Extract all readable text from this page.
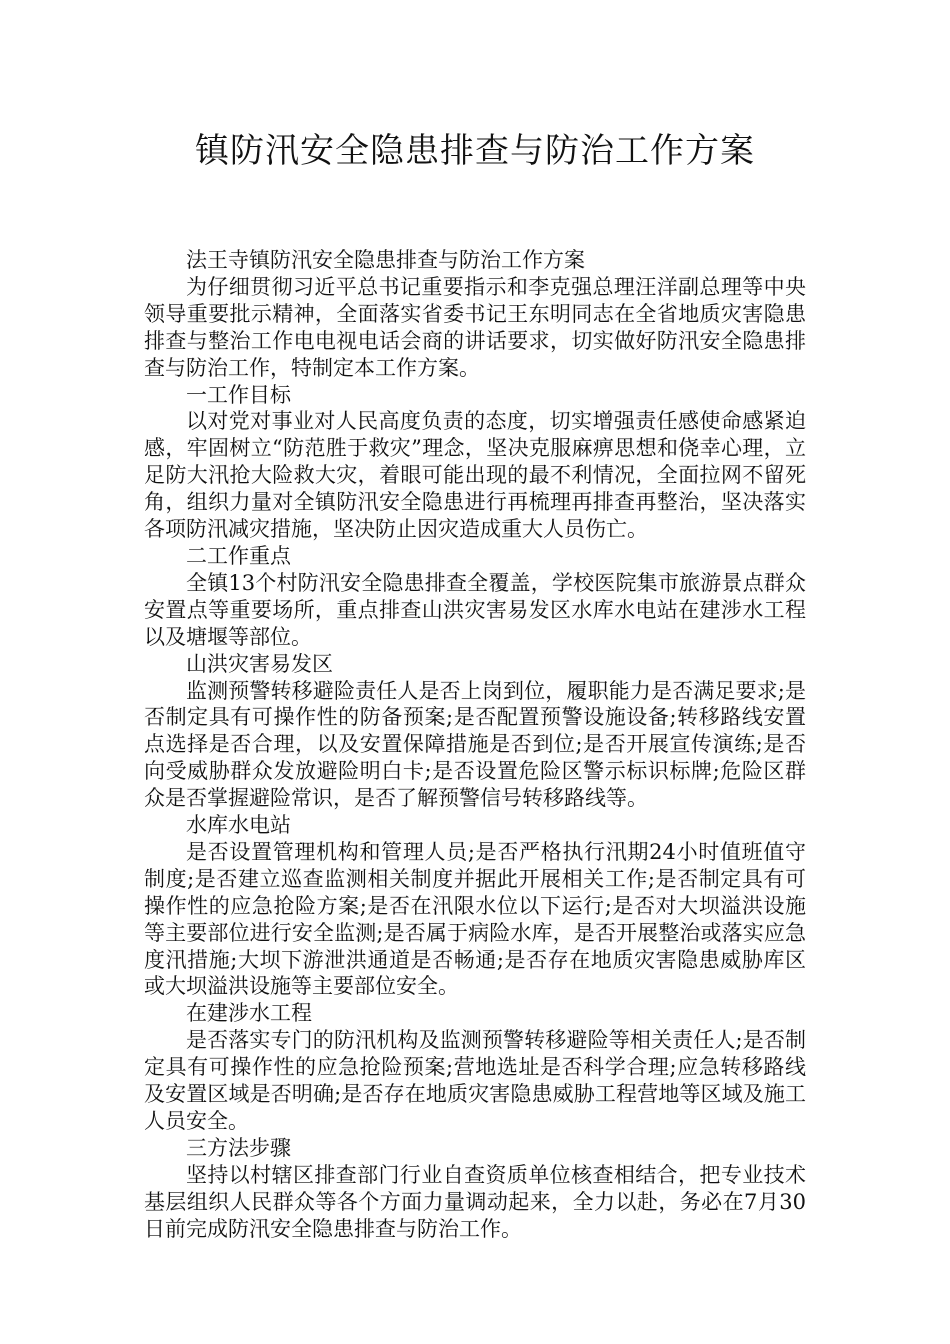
镇防汛安全隐患排查与防治工作方案

法王寺镇防汛安全隐患排查与防治工作方案

为仔细贯彻习近平总书记重要指示和李克强总理汪洋副总理等中央领导重要批示精神，全面落实省委书记王东明同志在全省地质灾害隐患排查与整治工作电电视电话会商的讲话要求，切实做好防汛安全隐患排查与防治工作，特制定本工作方案。

一工作目标

以对党对事业对人民高度负责的态度，切实增强责任感使命感紧迫感，牢固树立“防范胜于救灾”理念，坚决克服麻痹思想和侥幸心理，立足防大汛抢大险救大灾，着眼可能出现的最不利情况，全面拉网不留死角，组织力量对全镇防汛安全隐患进行再梳理再排查再整治，坚决落实各项防汛减灾措施，坚决防止因灾造成重大人员伤亡。

二工作重点

全镇13个村防汛安全隐患排查全覆盖，学校医院集市旅游景点群众安置点等重要场所，重点排查山洪灾害易发区水库水电站在建涉水工程以及塘堰等部位。

山洪灾害易发区

监测预警转移避险责任人是否上岗到位，履职能力是否满足要求;是否制定具有可操作性的防备预案;是否配置预警设施设备;转移路线安置点选择是否合理，以及安置保障措施是否到位;是否开展宣传演练;是否向受威胁群众发放避险明白卡;是否设置危险区警示标识标牌;危险区群众是否掌握避险常识，是否了解预警信号转移路线等。

水库水电站

是否设置管理机构和管理人员;是否严格执行汛期24小时值班值守制度;是否建立巡查监测相关制度并据此开展相关工作;是否制定具有可操作性的应急抢险方案;是否在汛限水位以下运行;是否对大坝溢洪设施等主要部位进行安全监测;是否属于病险水库，是否开展整治或落实应急度汛措施;大坝下游泄洪通道是否畅通;是否存在地质灾害隐患威胁库区或大坝溢洪设施等主要部位安全。

在建涉水工程

是否落实专门的防汛机构及监测预警转移避险等相关责任人;是否制定具有可操作性的应急抢险预案;营地选址是否科学合理;应急转移路线及安置区域是否明确;是否存在地质灾害隐患威胁工程营地等区域及施工人员安全。

三方法步骤

坚持以村辖区排查部门行业自查资质单位核查相结合，把专业技术基层组织人民群众等各个方面力量调动起来，全力以赴，务必在7月30日前完成防汛安全隐患排查与防治工作。
